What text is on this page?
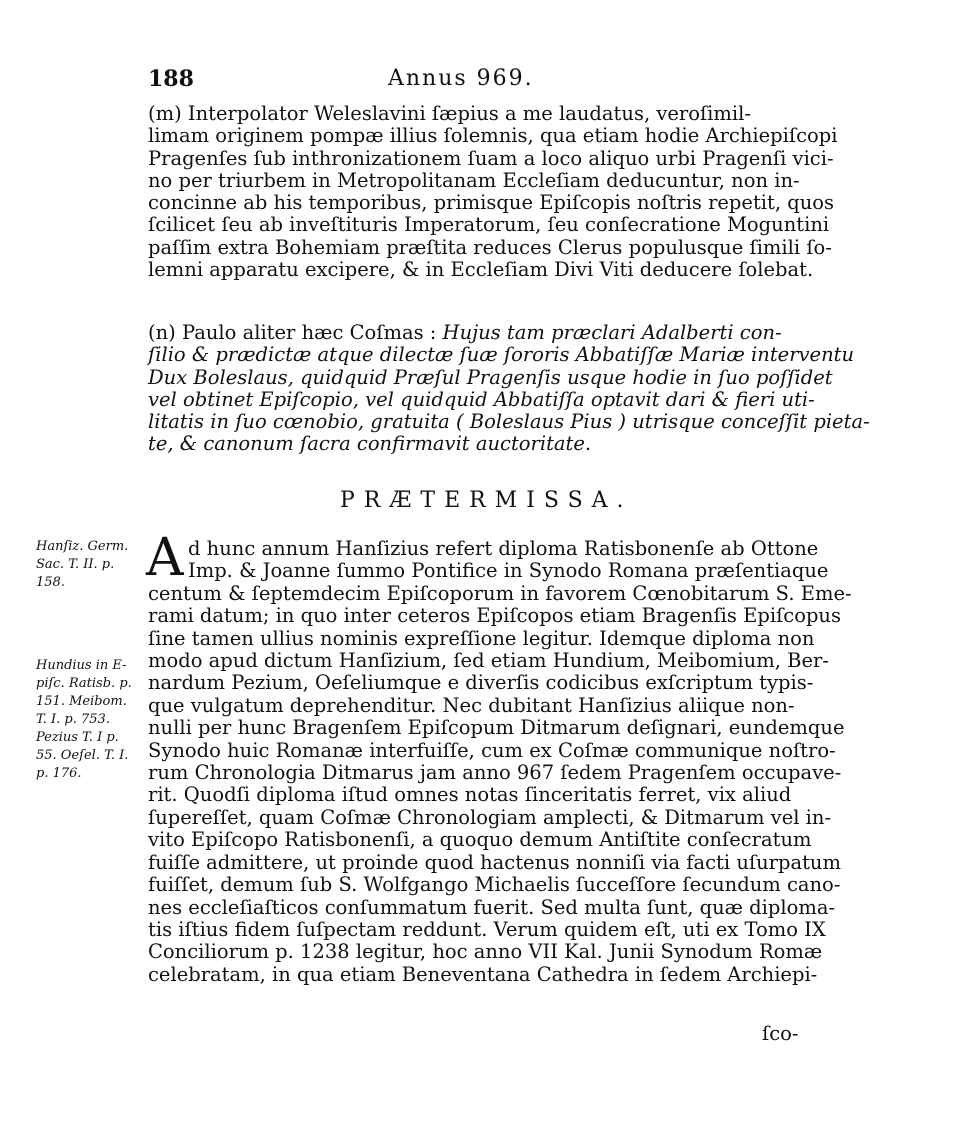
188	Annus 969.
(m) Interpolator Weleslavini ſæpius a me laudatus, veroſimil-
limam originem pompæ illius ſolemnis, qua etiam hodie Archiepiſcopi
Pragenſes ſub inthronizationem ſuam a loco aliquo urbi Pragenſi vici-
no per triurbem in Metropolitanam Eccleſiam deducuntur, non in-
concinne ab his temporibus, primisque Epiſcopis noſtris repetit, quos
ſcilicet ſeu ab inveſtituris Imperatorum, ſeu conſecratione Moguntini
paſſim extra Bohemiam præſtita reduces Clerus populusque ſimili ſo-
lemni apparatu excipere, & in Eccleſiam Divi Viti deducere ſolebat.
(n) Paulo aliter hæc Coſmas : Hujus tam præclari Adalberti con-
ſilio & prædictæ atque dilectæ ſuæ ſororis Abbatiſſæ Mariæ interventu
Dux Boleslaus, quidquid Præſul Pragenſis usque hodie in ſuo poſſidet
vel obtinet Epiſcopio, vel quidquid Abbatiſſa optavit dari & fieri uti-
litatis in ſuo cœnobio, gratuita ( Boleslaus Pius ) utrisque conceſſit pieta-
te, & canonum ſacra confirmavit auctoritate.
PRÆTERMISSA.
Hanſiz. Germ.
Sac. T. II. p.
158.
Hundius in E-
piſc. Ratisb. p.
151. Meibom.
T. I. p. 753.
Pezius T. I p.
55. Oeſel. T. I.
p. 176.
A d hunc annum Hanſizius refert diploma Ratisbonenſe ab Ottone
Imp. & Joanne ſummo Pontifice in Synodo Romana præſentiaque
centum & ſeptemdecim Epiſcoporum in favorem Cœnobitarum S. Eme-
rami datum; in quo inter ceteros Epiſcopos etiam Bragenſis Epiſcopus
ſine tamen ullius nominis expreſſione legitur. Idemque diploma non
modo apud dictum Hanſizium, ſed etiam Hundium, Meibomium, Ber-
nardum Pezium, Oeſeliumque e diverſis codicibus exſcriptum typis-
que vulgatum deprehenditur. Nec dubitant Hanſizius aliique non-
nulli per hunc Bragenſem Epiſcopum Ditmarum deſignari, eundemque
Synodo huic Romanæ interfuiſſe, cum ex Coſmæ communique noſtro-
rum Chronologia Ditmarus jam anno 967 ſedem Pragenſem occupave-
rit. Quodſi diploma iſtud omnes notas ſinceritatis ferret, vix aliud
ſupereſſet, quam Coſmæ Chronologiam amplecti, & Ditmarum vel in-
vito Epiſcopo Ratisbonenſi, a quoquo demum Antiſtite conſecratum
fuiſſe admittere, ut proinde quod hactenus nonniſi via facti uſurpatum
fuiſſet, demum ſub S. Wolfgango Michaelis ſucceſſore ſecundum cano-
nes eccleſiaſticos conſummatum fuerit. Sed multa ſunt, quæ diploma-
tis iſtius fidem ſuſpectam reddunt. Verum quidem eſt, uti ex Tomo IX
Conciliorum p. 1238 legitur, hoc anno VII Kal. Junii Synodum Romæ
celebratam, in qua etiam Beneventana Cathedra in ſedem Archiepi-
ſco-
